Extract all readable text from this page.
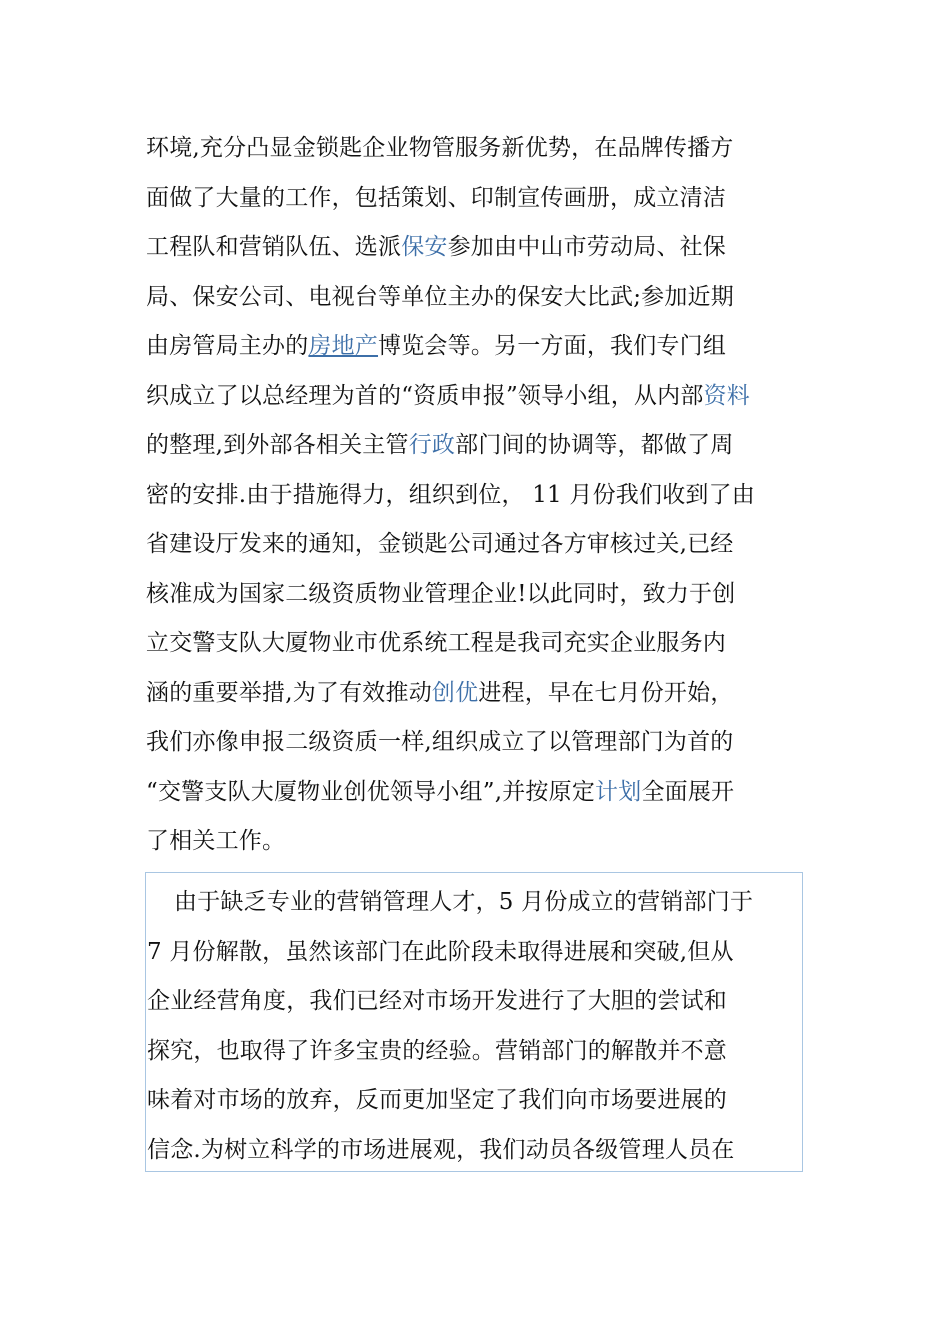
环境,充分凸显金锁匙企业物管服务新优势，在品牌传播方
面做了大量的工作，包括策划、印制宣传画册，成立清洁
工程队和营销队伍、选派保安参加由中山市劳动局、社保
局、保安公司、电视台等单位主办的保安大比武;参加近期
由房管局主办的房地产博览会等。另一方面，我们专门组
织成立了以总经理为首的“资质申报”领导小组，从内部资料
的整理,到外部各相关主管行政部门间的协调等，都做了周
密的安排.由于措施得力，组织到位， 11 月份我们收到了由
省建设厅发来的通知，金锁匙公司通过各方审核过关,已经
核准成为国家二级资质物业管理企业!以此同时，致力于创
立交警支队大厦物业市优系统工程是我司充实企业服务内
涵的重要举措,为了有效推动创优进程，早在七月份开始，
我们亦像申报二级资质一样,组织成立了以管理部门为首的
“交警支队大厦物业创优领导小组”,并按原定计划全面展开
了相关工作。
由于缺乏专业的营销管理人才，5 月份成立的营销部门于
7 月份解散，虽然该部门在此阶段未取得进展和突破,但从
企业经营角度，我们已经对市场开发进行了大胆的尝试和
探究，也取得了许多宝贵的经验。营销部门的解散并不意
味着对市场的放弃，反而更加坚定了我们向市场要进展的
信念.为树立科学的市场进展观，我们动员各级管理人员在
